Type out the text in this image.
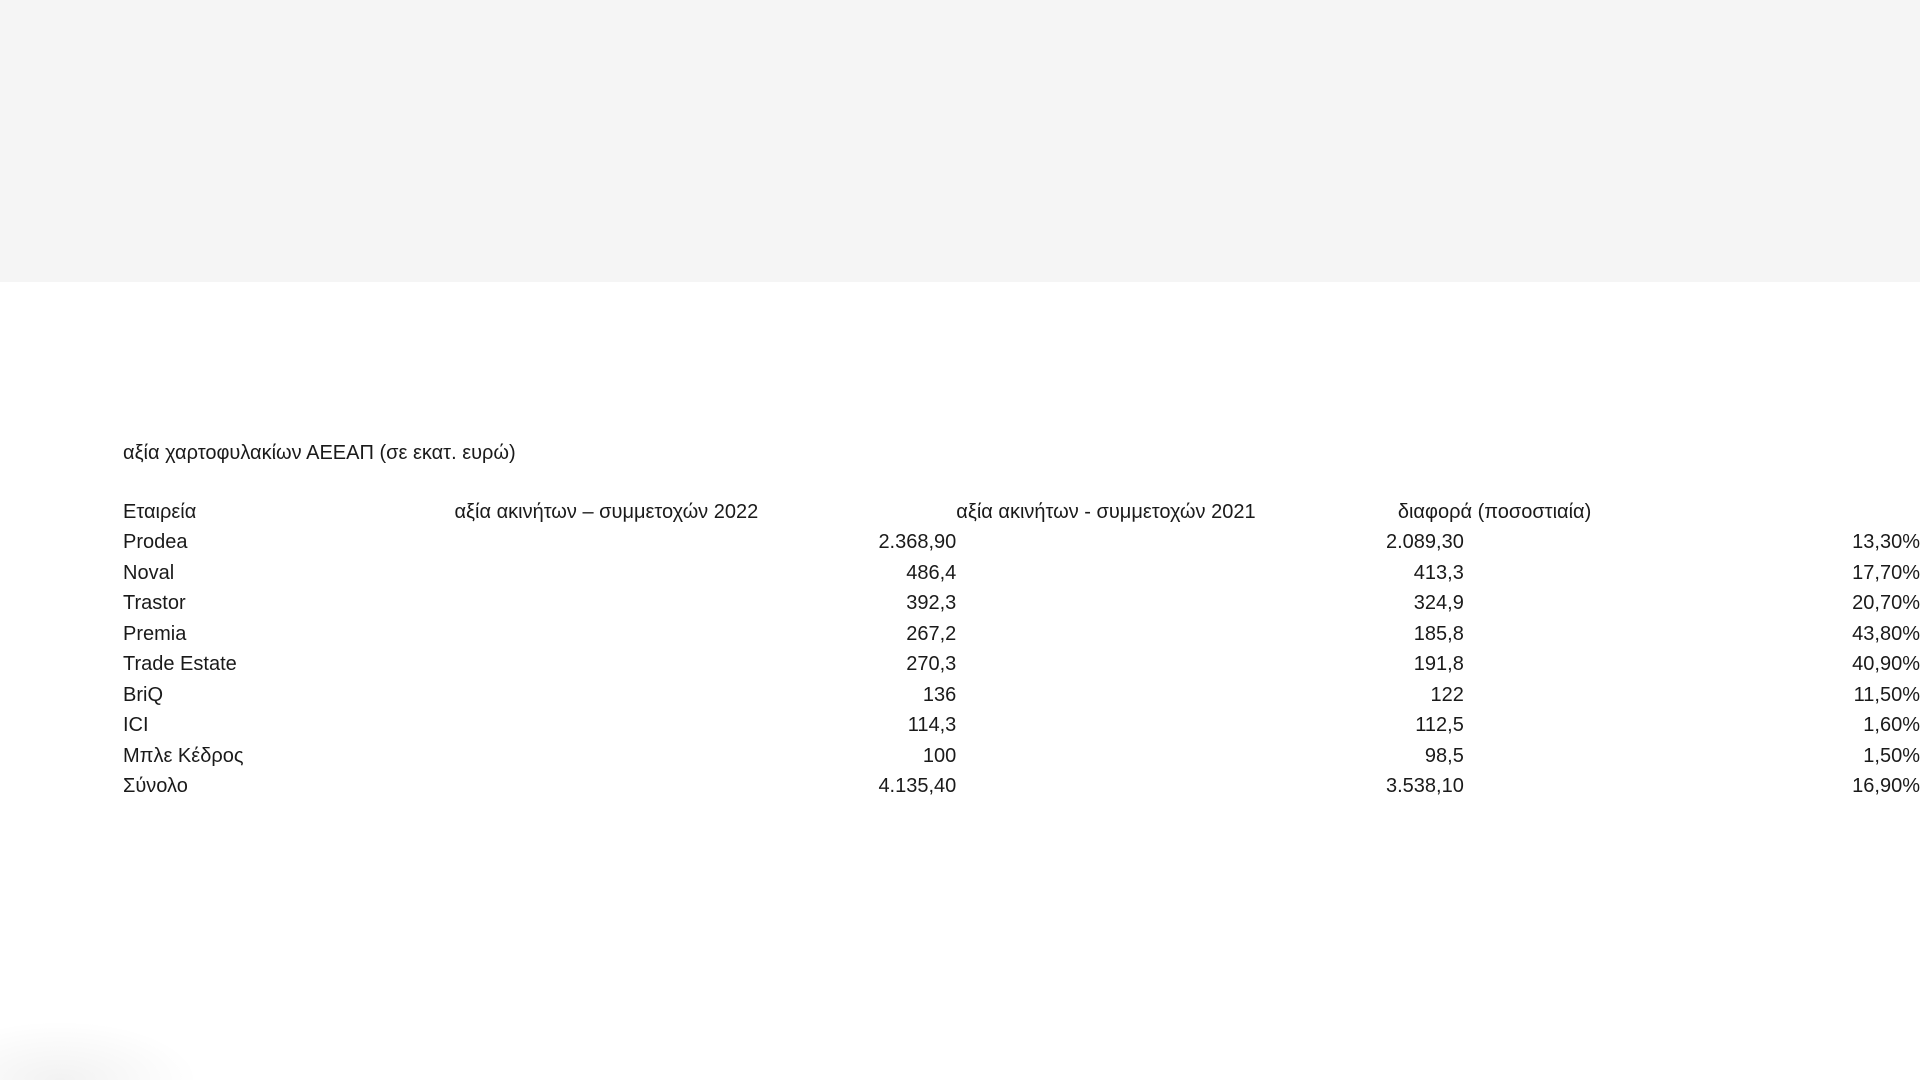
αξία χαρτοφυλακίων ΑΕΕΑΠ (σε εκατ. ευρώ)
Εταιρεία	αξία ακινήτων – συμμετοχών 2022	αξία ακινήτων - συμμετοχών 2021	διαφορά (ποσοστιαία)
Prodea	2.368,90	2.089,30	13,30%
Noval	486,4	413,3	17,70%
Trastor	392,3	324,9	20,70%
Premia	267,2	185,8	43,80%
Trade Estate	270,3	191,8	40,90%
BriQ	136	122	11,50%
ICI	114,3	112,5	1,60%
Μπλε Κέδρος	100	98,5	1,50%
Σύνολο	4.135,40	3.538,10	16,90%
